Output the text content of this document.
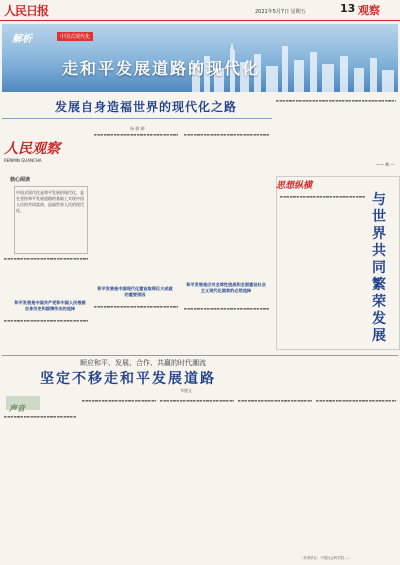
人民日报	2021年5月7日 星期五	13 观察
解析	中国式现代化
走和平发展道路的现代化
发展自身造福世界的现代化之路
杨 柳 柳
人民观察
RENMIN GUANCHA
核心阅读
中国式现代化是和平发展的现代化，是在坚持和平发展道路的基础上实现中国人民的共同富裕、造福世界人民的现代化。
和平发展是中国共产党和中国人民根据自身历史和国情作出的选择
和平发展是中国现代化建设取得巨大成就的重要原因
和平发展是应对全球性挑战和全面建设社会主义现代化国家的必然选择
—— 辉 —
思想纵横
与世界共同繁荣发展
顺应和平、发展、合作、共赢的时代潮流
坚定不移走和平发展道路
李德文
声音
（作者单位：中国社会科学院…）
